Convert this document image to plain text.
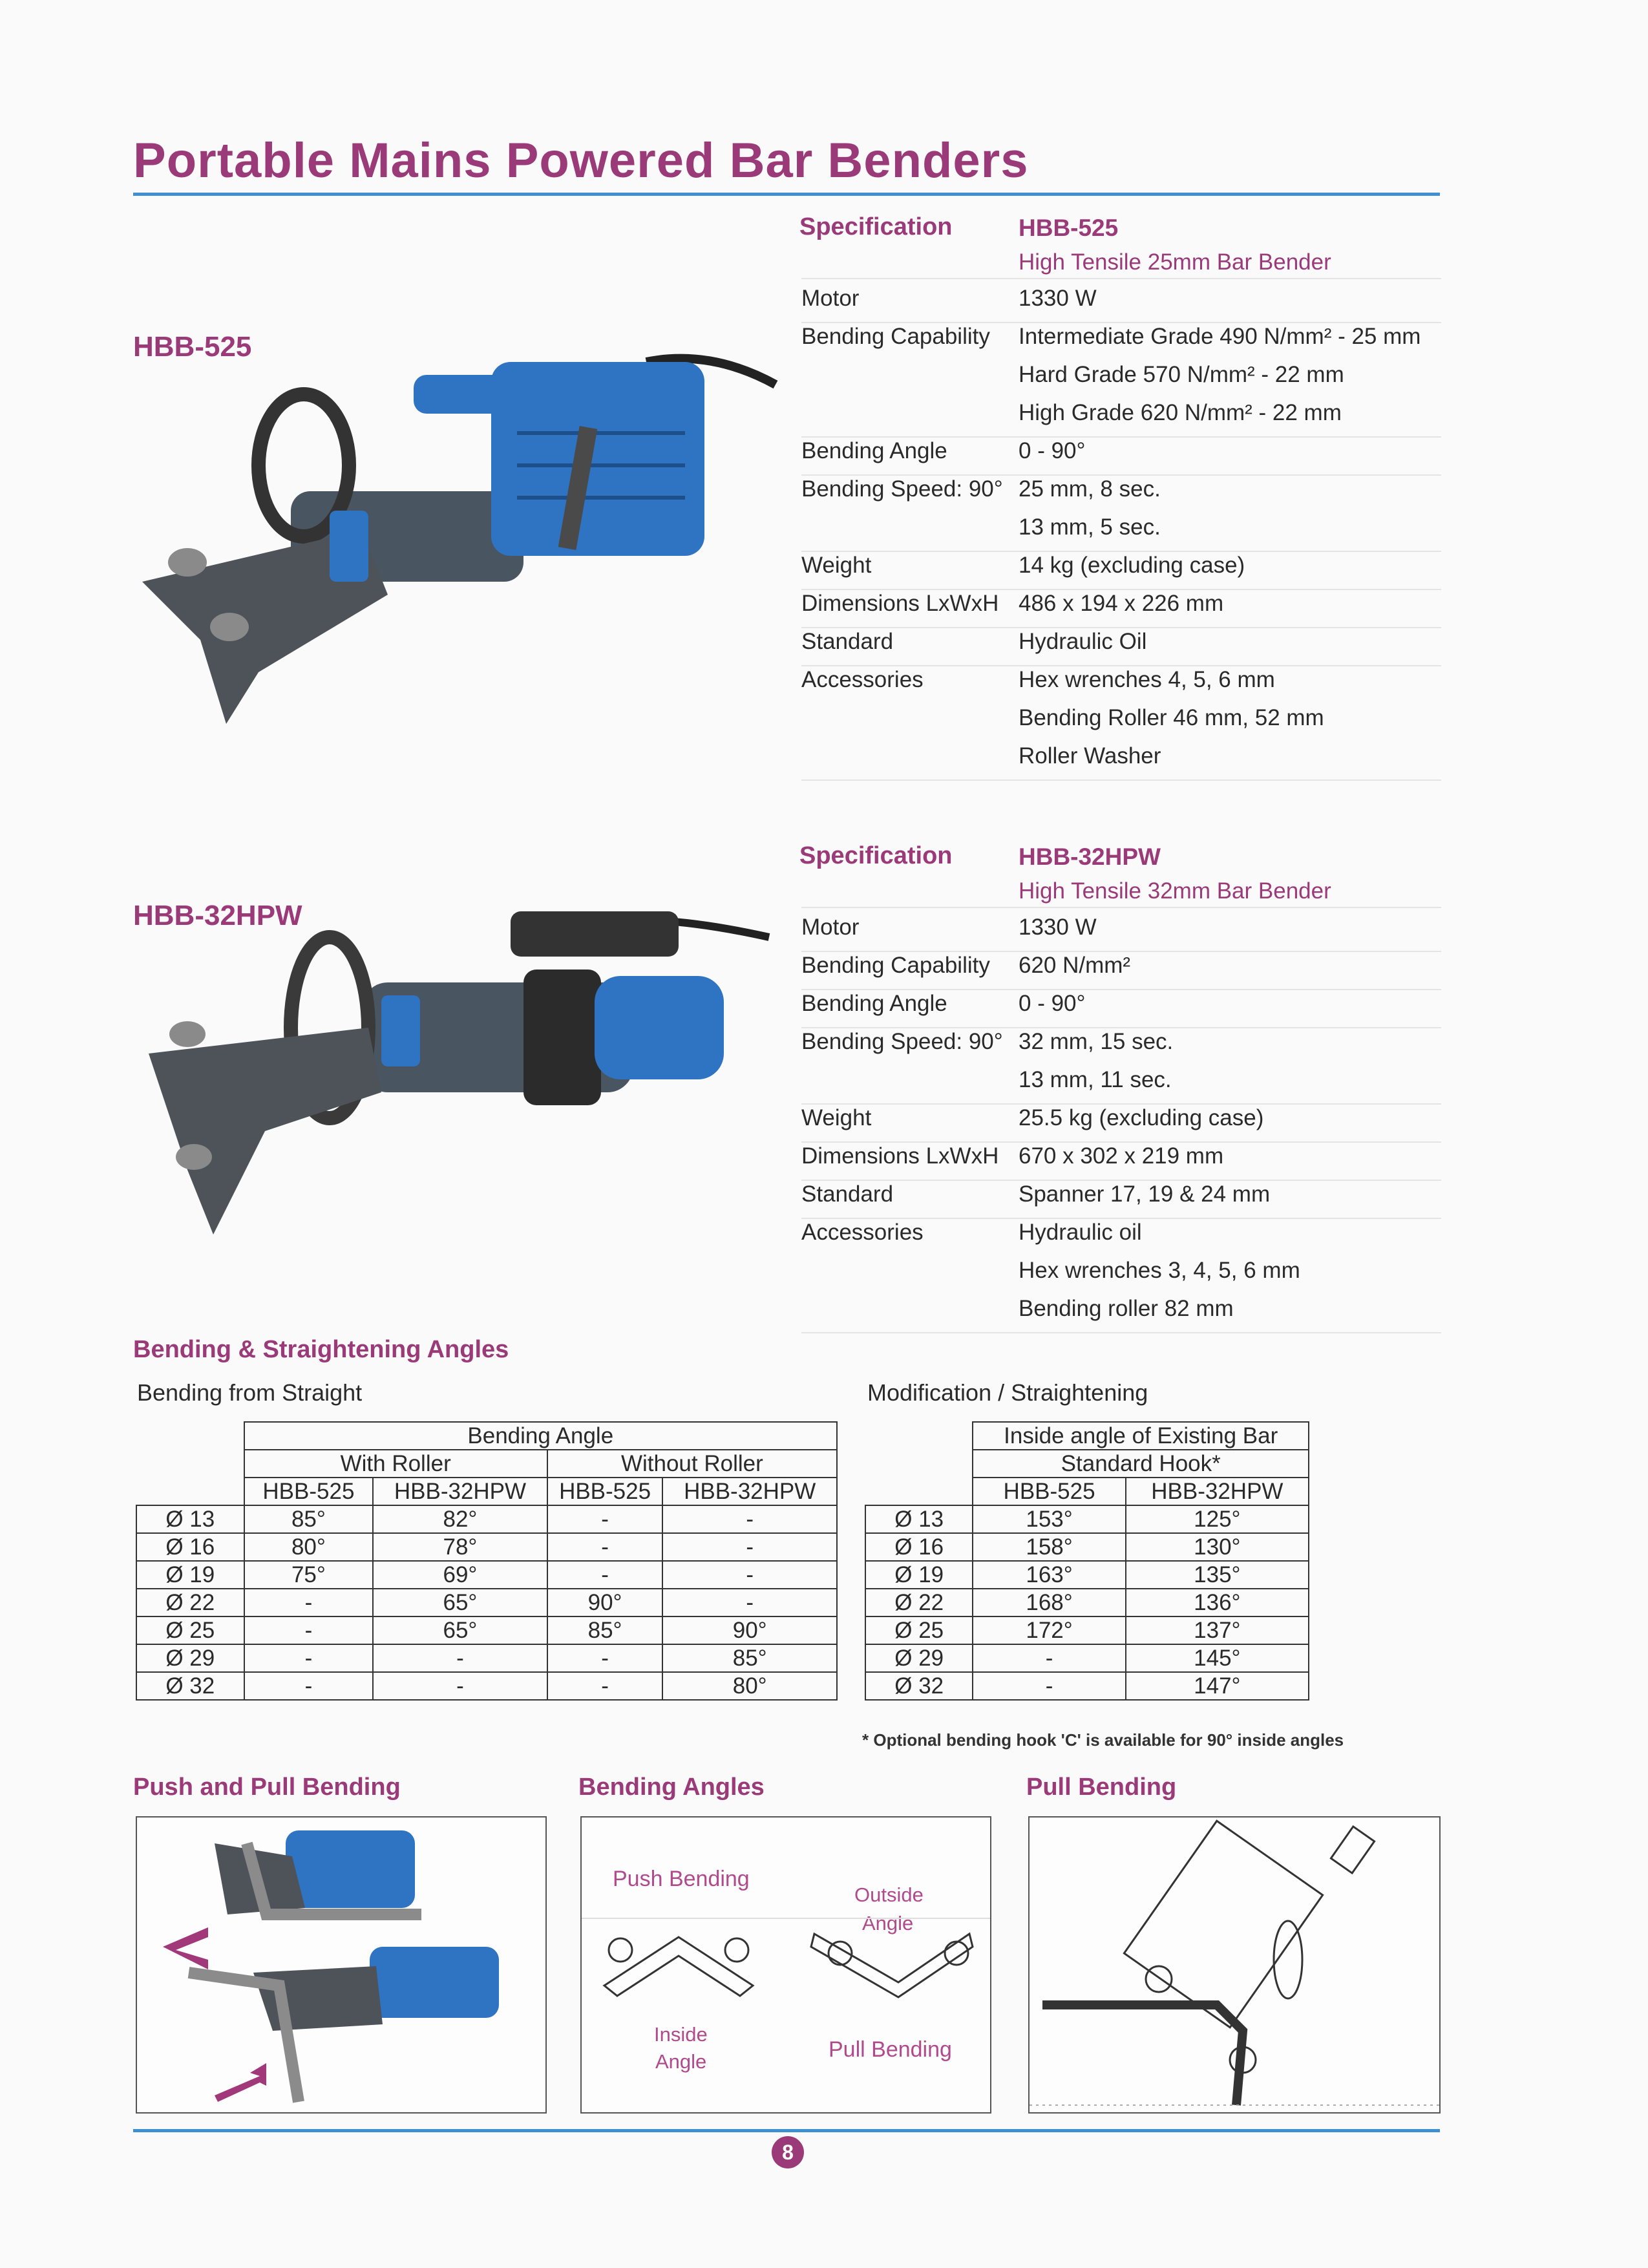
Portable Mains Powered Bar Benders
HBB-525
Specification	HBB-525
High Tensile 25mm Bar Bender
Motor	1330 W
Bending Capability Intermediate Grade 490 N/mm² - 25 mm
Hard Grade 570 N/mm² - 22 mm
High Grade 620 N/mm² - 22 mm
Bending Angle	0 - 90°
Bending Speed: 90° 25 mm, 8 sec.
13 mm, 5 sec.
Weight	14 kg (excluding case)
Dimensions LxWxH 486 x 194 x 226 mm
Standard	Hydraulic Oil
Accessories	Hex wrenches 4, 5, 6 mm
Bending Roller 46 mm, 52 mm
Roller Washer
HBB-32HPW
Specification	HBB-32HPW
High Tensile 32mm Bar Bender
Motor	1330 W
Bending Capability 620 N/mm²
Bending Angle	0 - 90°
Bending Speed: 90° 32 mm, 15 sec.
13 mm, 11 sec.
Weight	25.5 kg (excluding case)
Dimensions LxWxH 670 x 302 x 219 mm
Standard	Spanner 17, 19 & 24 mm
Accessories	Hydraulic oil
Hex wrenches 3, 4, 5, 6 mm
Bending roller 82 mm
Bending & Straightening Angles
Bending from Straight	Modification / Straightening
	Bending Angle			
	With Roller		Without Roller	
	HBB-525	HBB-32HPW	HBB-525	HBB-32HPW
Ø 13	85°	82°	-	-
Ø 16	80°	78°	-	-
Ø 19	75°	69°	-	-
Ø 22	-	65°	90°	-
Ø 25	-	65°	85°	90°
Ø 29	-	-	-	85°
Ø 32	-	-	-	80°
	Inside angle of Existing Bar	
	Standard Hook*	
	HBB-525	HBB-32HPW
Ø 13	153°	125°
Ø 16	158°	130°
Ø 19	163°	135°
Ø 22	168°	136°
Ø 25	172°	137°
Ø 29	-	145°
Ø 32	-	147°
* Optional bending hook 'C' is available for 90° inside angles
Push and Pull Bending	Bending Angles	Pull Bending
Push Bending
Outside
Angle
Inside
Angle	Pull Bending
8
